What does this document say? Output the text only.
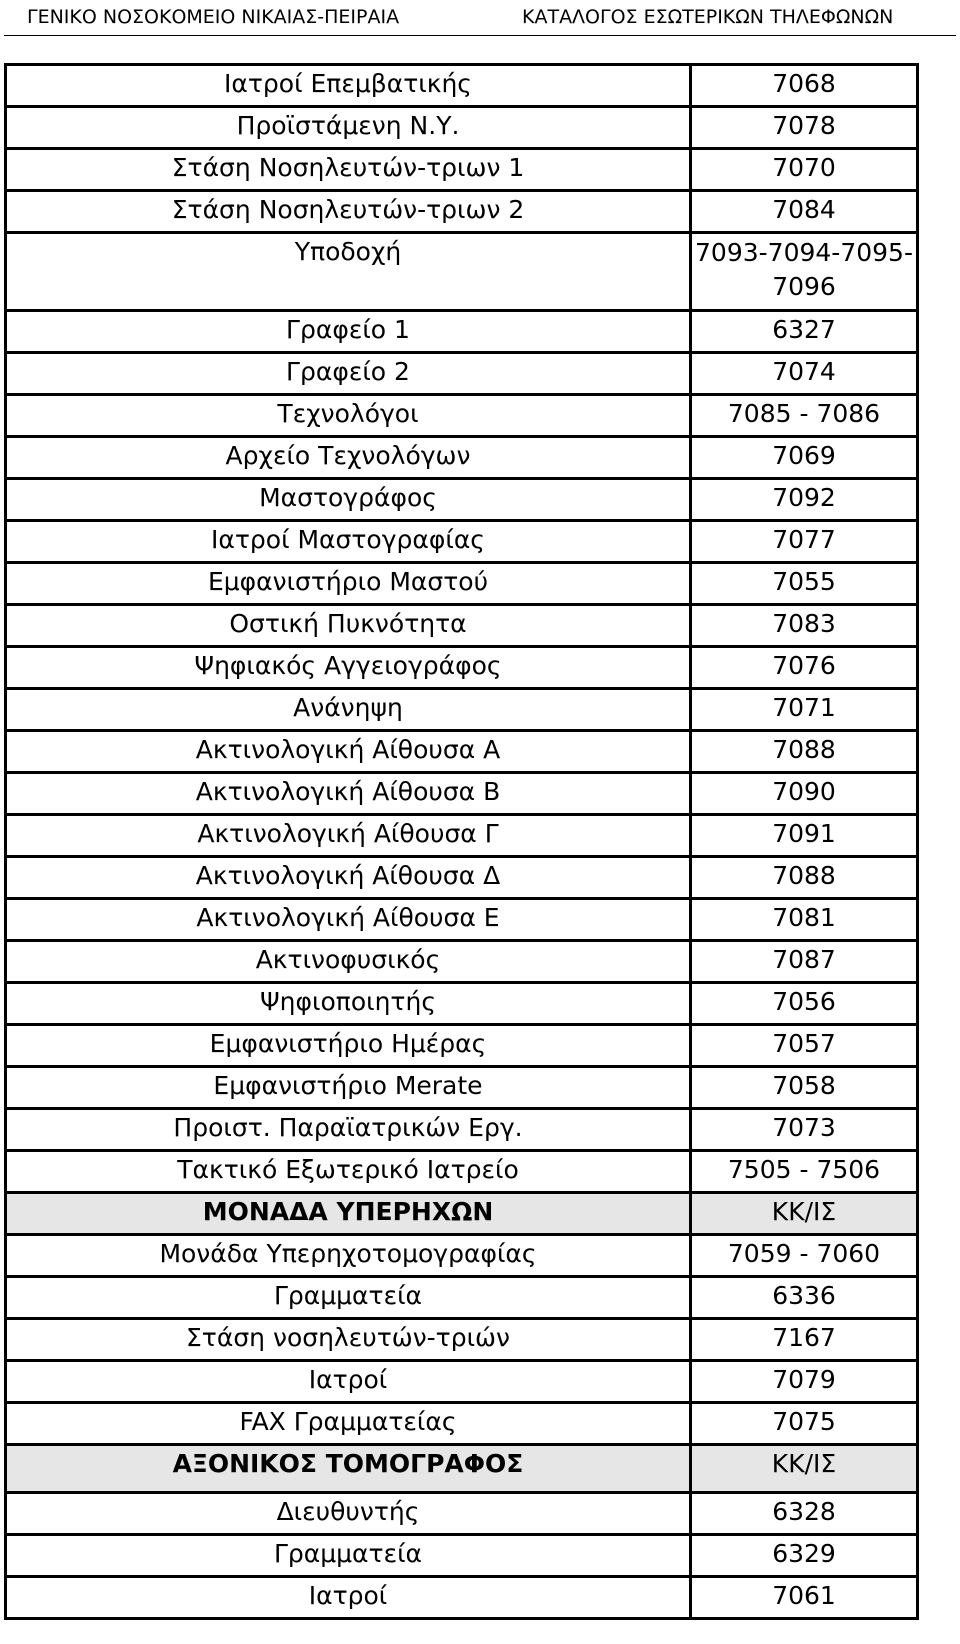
ΓΕΝΙΚΟ ΝΟΣΟΚΟΜΕΙΟ ΝΙΚΑΙΑΣ-ΠΕΙΡΑΙΑ	ΚΑΤΑΛΟΓΟΣ ΕΣΩΤΕΡΙΚΩΝ ΤΗΛΕΦΩΝΩΝ
Ιατροί Επεμβατικής	7068
Προϊστάμενη Ν.Υ.	7078
Στάση Νοσηλευτών-τριων 1	7070
Στάση Νοσηλευτών-τριων 2	7084
Υποδοχή	7093-7094-7095-7096
Γραφείο 1	6327
Γραφείο 2	7074
Τεχνολόγοι	7085 - 7086
Αρχείο Τεχνολόγων	7069
Μαστογράφος	7092
Ιατροί Μαστογραφίας	7077
Εμφανιστήριο Μαστού	7055
Οστική Πυκνότητα	7083
Ψηφιακός Αγγειογράφος	7076
Ανάνηψη	7071
Ακτινολογική Αίθουσα Α	7088
Ακτινολογική Αίθουσα Β	7090
Ακτινολογική Αίθουσα Γ	7091
Ακτινολογική Αίθουσα Δ	7088
Ακτινολογική Αίθουσα Ε	7081
Ακτινοφυσικός	7087
Ψηφιοποιητής	7056
Εμφανιστήριο Ημέρας	7057
Εμφανιστήριο Merate	7058
Προιστ. Παραϊατρικών Εργ.	7073
Τακτικό Εξωτερικό Ιατρείο	7505 - 7506
ΜΟΝΑΔΑ ΥΠΕΡΗΧΩΝ	ΚΚ/ΙΣ
Μονάδα Υπερηχοτομογραφίας	7059 - 7060
Γραμματεία	6336
Στάση νοσηλευτών-τριών	7167
Ιατροί	7079
FAX Γραμματείας	7075
ΑΞΟΝΙΚΟΣ ΤΟΜΟΓΡΑΦΟΣ	ΚΚ/ΙΣ
Διευθυντής	6328
Γραμματεία	6329
Ιατροί	7061
